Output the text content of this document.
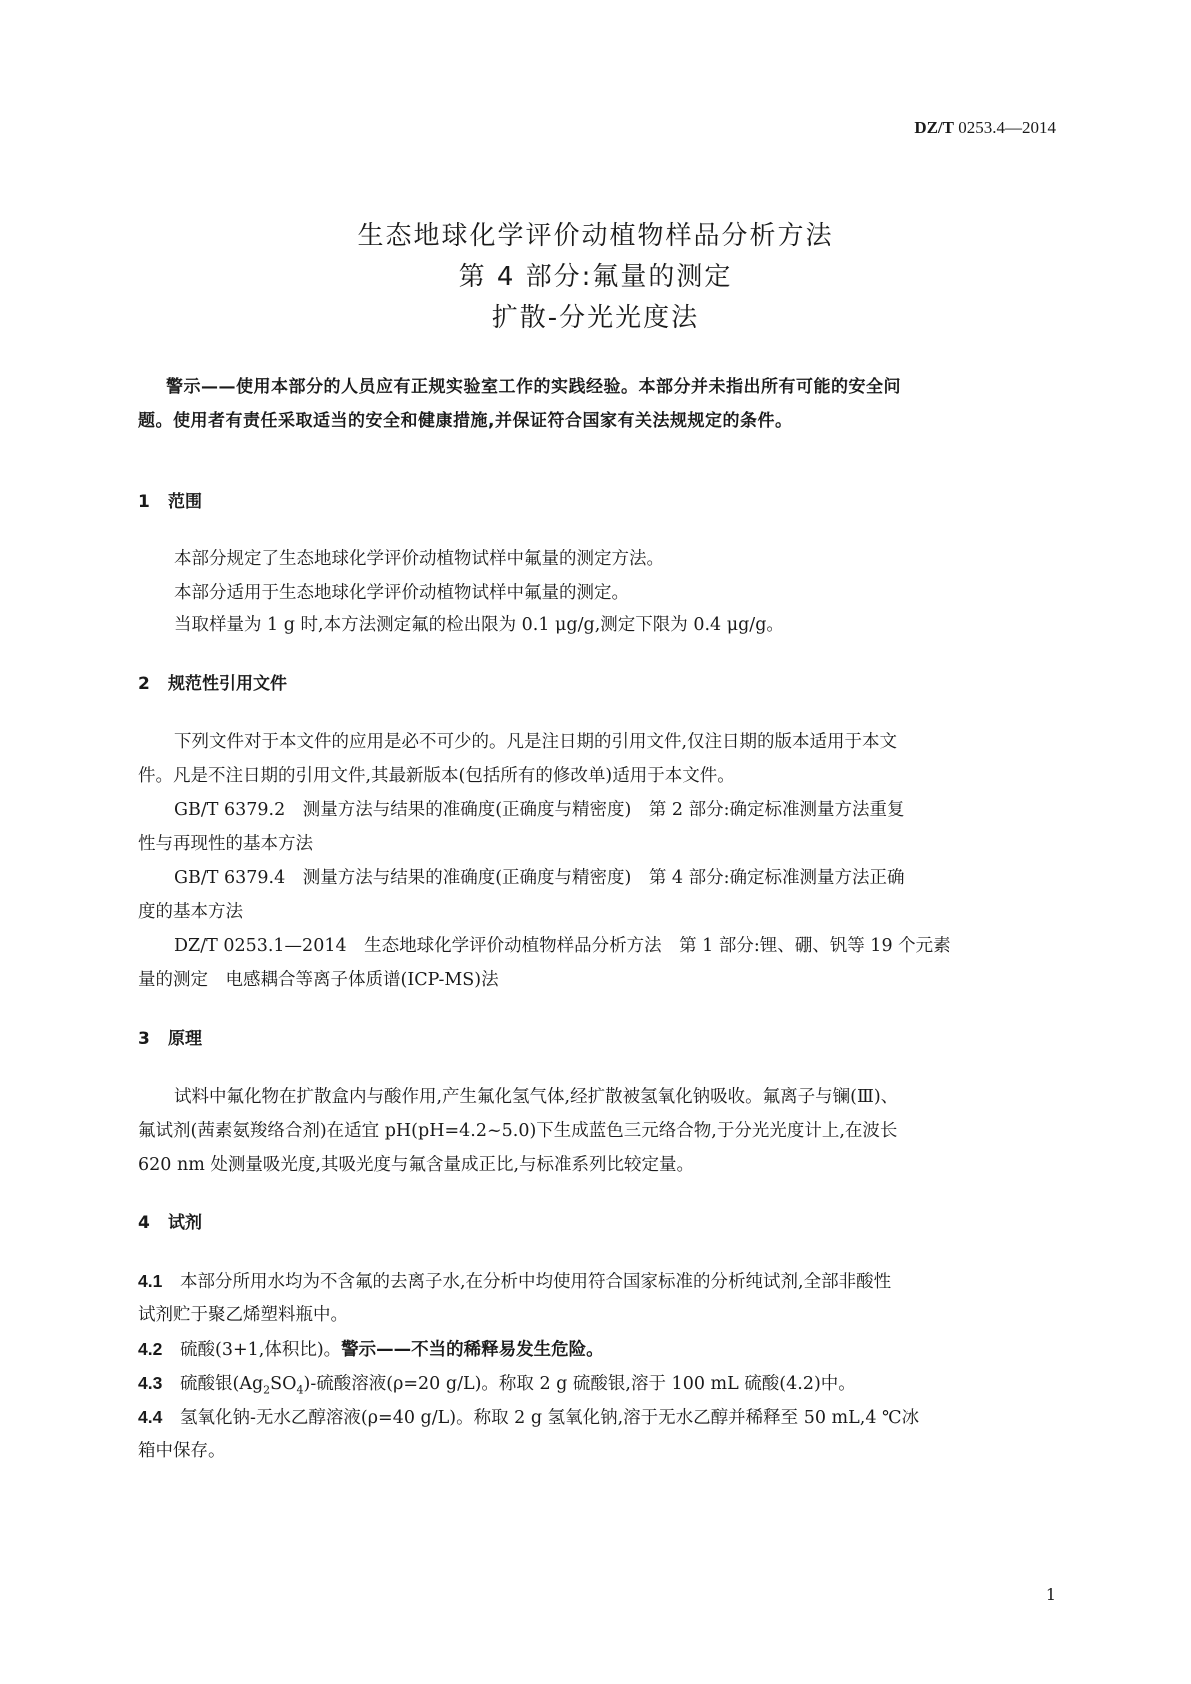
DZ/T 0253.4—2014
生态地球化学评价动植物样品分析方法
第 4 部分:氟量的测定
扩散-分光光度法
警示——使用本部分的人员应有正规实验室工作的实践经验。本部分并未指出所有可能的安全问
题。使用者有责任采取适当的安全和健康措施,并保证符合国家有关法规规定的条件。
1 范围
本部分规定了生态地球化学评价动植物试样中氟量的测定方法。
本部分适用于生态地球化学评价动植物试样中氟量的测定。
当取样量为 1 g 时,本方法测定氟的检出限为 0.1 μg/g,测定下限为 0.4 μg/g。
2 规范性引用文件
下列文件对于本文件的应用是必不可少的。凡是注日期的引用文件,仅注日期的版本适用于本文
件。凡是不注日期的引用文件,其最新版本(包括所有的修改单)适用于本文件。
GB/T 6379.2　测量方法与结果的准确度(正确度与精密度)　第 2 部分:确定标准测量方法重复
性与再现性的基本方法
GB/T 6379.4　测量方法与结果的准确度(正确度与精密度)　第 4 部分:确定标准测量方法正确
度的基本方法
DZ/T 0253.1—2014　生态地球化学评价动植物样品分析方法　第 1 部分:锂、硼、钒等 19 个元素
量的测定　电感耦合等离子体质谱(ICP-MS)法
3 原理
试料中氟化物在扩散盒内与酸作用,产生氟化氢气体,经扩散被氢氧化钠吸收。氟离子与镧(Ⅲ)、
氟试剂(茜素氨羧络合剂)在适宜 pH(pH=4.2~5.0)下生成蓝色三元络合物,于分光光度计上,在波长
620 nm 处测量吸光度,其吸光度与氟含量成正比,与标准系列比较定量。
4 试剂
4.1 本部分所用水均为不含氟的去离子水,在分析中均使用符合国家标准的分析纯试剂,全部非酸性
试剂贮于聚乙烯塑料瓶中。
4.2 硫酸(3+1,体积比)。警示——不当的稀释易发生危险。
4.3 硫酸银$(Ag_2SO_4)-$硫酸溶液(ρ=20 g/L)。称取 2 g 硫酸银,溶于 100 mL 硫酸(4.2)中。
4.4 氢氧化钠-无水乙醇溶液(ρ=40 g/L)。称取 2 g 氢氧化钠,溶于无水乙醇并稀释至 50 mL,4 ℃冰
箱中保存。
1
